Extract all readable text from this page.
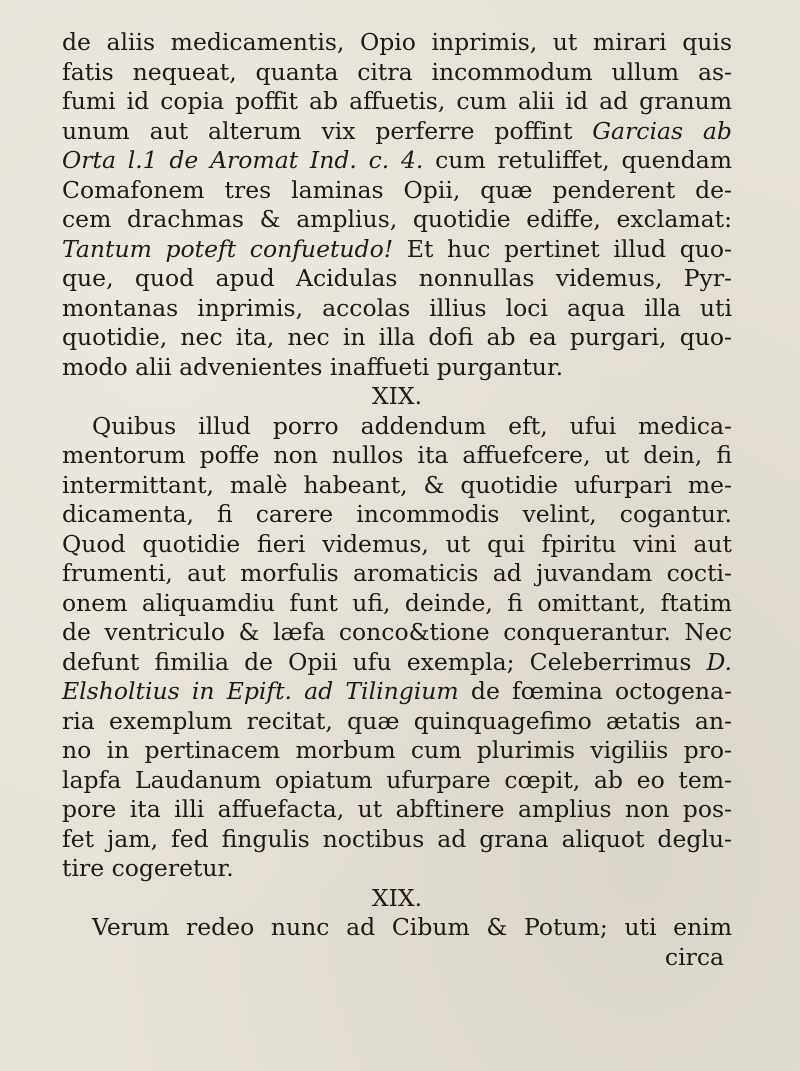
de aliis medicamentis, Opio inprimis, ut mirari quis
fatis nequeat, quanta citra incommodum ullum as-
fumi id copia poffit ab affuetis, cum alii id ad granum
unum aut alterum vix perferre poffint Garcias ab
Orta l.1 de Aromat Ind. c. 4. cum retuliffet, quendam
Comafonem tres laminas Opii, quæ penderent de-
cem drachmas & amplius, quotidie ediffe, exclamat:
Tantum poteft confuetudo! Et huc pertinet illud quo-
que, quod apud Acidulas nonnullas videmus, Pyr-
montanas inprimis, accolas illius loci aqua illa uti
quotidie, nec ita, nec in illa dofi ab ea purgari, quo-
modo alii advenientes inaffueti purgantur.
XIX.
Quibus illud porro addendum eft, ufui medica-
mentorum poffe non nullos ita affuefcere, ut dein, fi
intermittant, malè habeant, & quotidie ufurpari me-
dicamenta, fi carere incommodis velint, cogantur.
Quod quotidie fieri videmus, ut qui fpiritu vini aut
frumenti, aut morfulis aromaticis ad juvandam cocti-
onem aliquamdiu funt ufi, deinde, fi omittant, ftatim
de ventriculo & læfa conco&tione conquerantur. Nec
defunt fimilia de Opii ufu exempla; Celeberrimus D.
Elsholtius in Epift. ad Tilingium de fœmina octogena-
ria exemplum recitat, quæ quinquagefimo ætatis an-
no in pertinacem morbum cum plurimis vigiliis pro-
lapfa Laudanum opiatum ufurpare cœpit, ab eo tem-
pore ita illi affuefacta, ut abftinere amplius non pos-
fet jam, fed fingulis noctibus ad grana aliquot deglu-
tire cogeretur.
XIX.
Verum redeo nunc ad Cibum & Potum; uti enim
circa
